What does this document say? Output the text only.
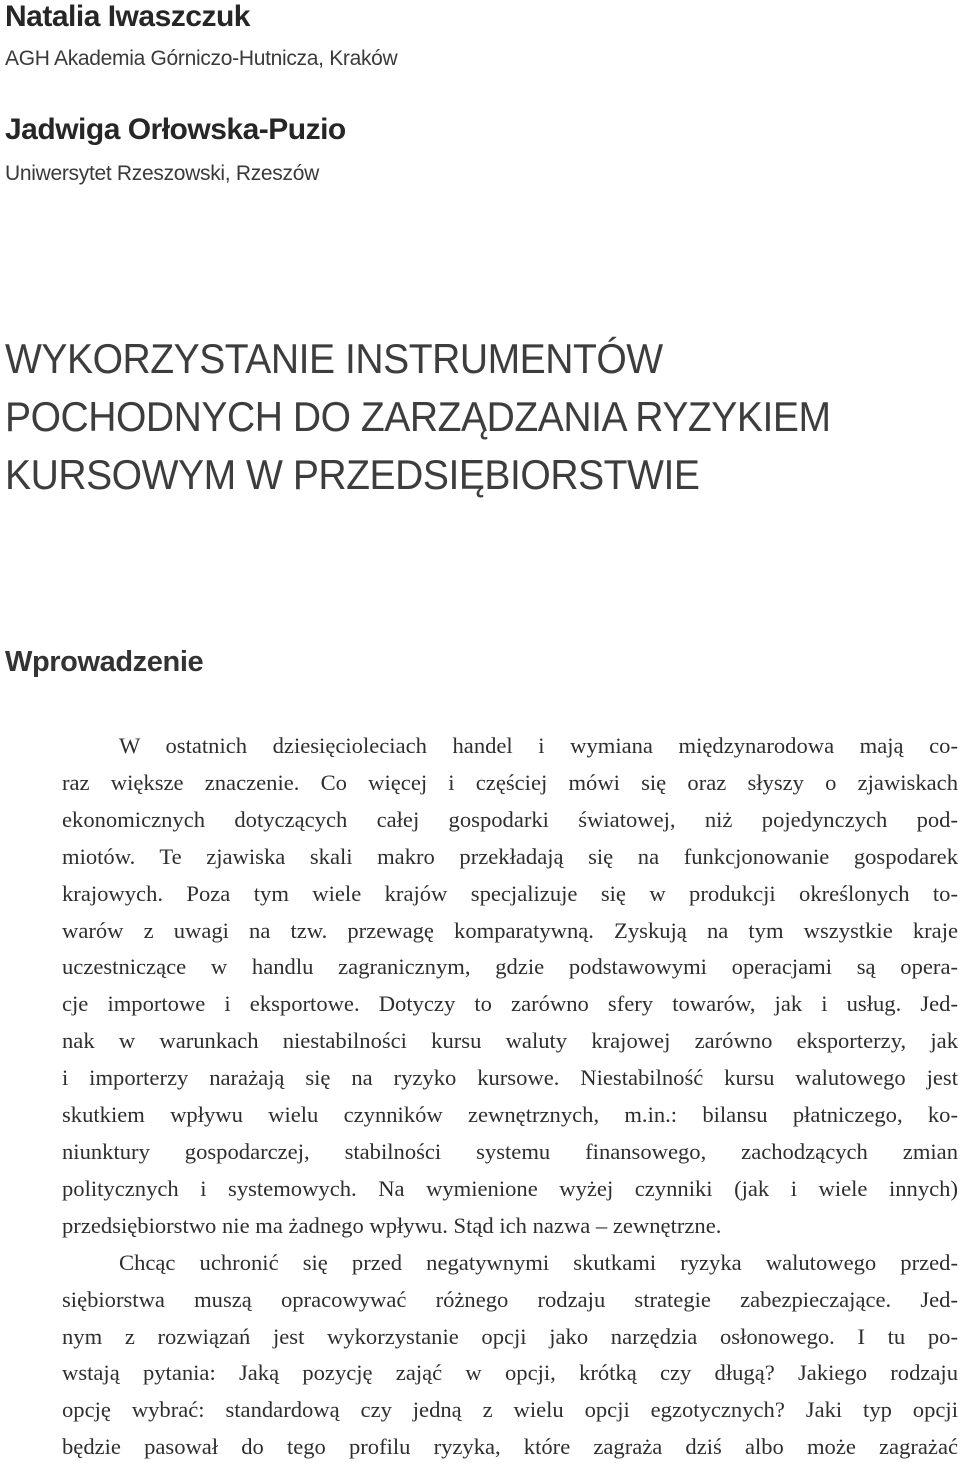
Natalia Iwaszczuk

AGH Akademia Górniczo-Hutnicza, Kraków

Jadwiga Orłowska-Puzio

Uniwersytet Rzeszowski, Rzeszów

WYKORZYSTANIE INSTRUMENTÓW
POCHODNYCH DO ZARZĄDZANIA RYZYKIEM
KURSOWYM W PRZEDSIĘBIORSTWIE
Wprowadzenie
W ostatnich dziesięcioleciach handel i wymiana międzynarodowa mają co-
raz większe znaczenie. Co więcej i częściej mówi się oraz słyszy o zjawiskach
ekonomicznych dotyczących całej gospodarki światowej, niż pojedynczych pod-
miotów. Te zjawiska skali makro przekładają się na funkcjonowanie gospodarek
krajowych. Poza tym wiele krajów specjalizuje się w produkcji określonych to-
warów z uwagi na tzw. przewagę komparatywną. Zyskują na tym wszystkie kraje
uczestniczące w handlu zagranicznym, gdzie podstawowymi operacjami są opera-
cje importowe i eksportowe. Dotyczy to zarówno sfery towarów, jak i usług. Jed-
nak w warunkach niestabilności kursu waluty krajowej zarówno eksporterzy, jak
i importerzy narażają się na ryzyko kursowe. Niestabilność kursu walutowego jest
skutkiem wpływu wielu czynników zewnętrznych, m.in.: bilansu płatniczego, ko-
niunktury gospodarczej, stabilności systemu finansowego, zachodzących zmian
politycznych i systemowych. Na wymienione wyżej czynniki (jak i wiele innych)
przedsiębiorstwo nie ma żadnego wpływu. Stąd ich nazwa – zewnętrzne.
Chcąc uchronić się przed negatywnymi skutkami ryzyka walutowego przed-
siębiorstwa muszą opracowywać różnego rodzaju strategie zabezpieczające. Jed-
nym z rozwiązań jest wykorzystanie opcji jako narzędzia osłonowego. I tu po-
wstają pytania: Jaką pozycję zająć w opcji, krótką czy długą? Jakiego rodzaju
opcję wybrać: standardową czy jedną z wielu opcji egzotycznych? Jaki typ opcji
będzie pasował do tego profilu ryzyka, które zagraża dziś albo może zagrażać
